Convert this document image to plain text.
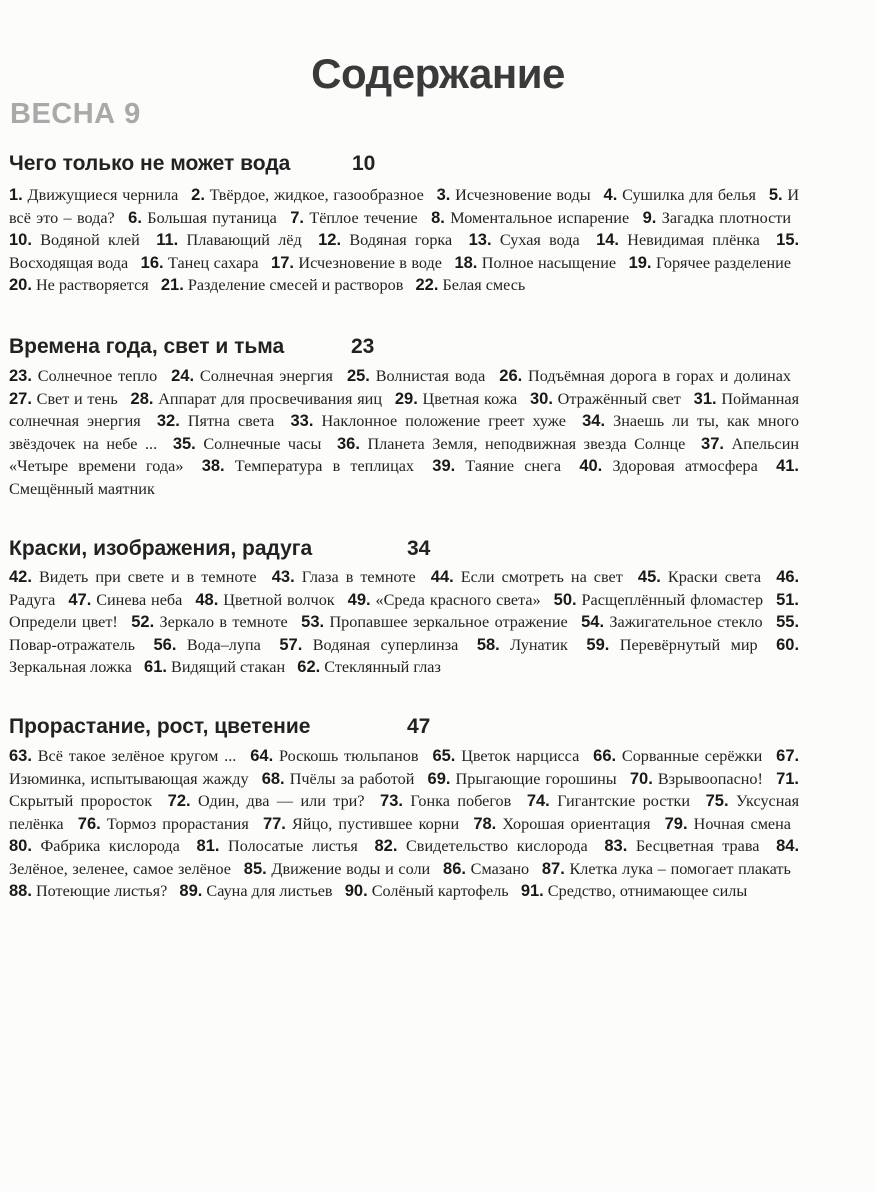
Содержание
ВЕСНА 9
Чего только не может вода	10
1. Движущиеся чернила  2. Твёрдое, жидкое, газообразное  3. Исчезновение воды  4. Сушилка для белья  5. И всё это – вода?  6. Большая путаница  7. Тёплое течение  8. Моментальное испарение  9. Загадка плотности  10. Водяной клей  11. Плавающий лёд  12. Водяная горка  13. Сухая вода  14. Невидимая плёнка  15. Восходящая вода  16. Танец сахара  17. Исчезновение в воде  18. Полное насыщение  19. Горячее разделение  20. Не растворяется  21. Разделение смесей и растворов  22. Белая смесь 
Времена года, свет и тьма	23
23. Солнечное тепло  24. Солнечная энергия  25. Волнистая вода  26. Подъёмная дорога в горах и долинах  27. Свет и тень  28. Аппарат для просвечивания яиц  29. Цветная кожа  30. Отражённый свет  31. Пойманная солнечная энергия  32. Пятна света  33. Наклонное положение греет хуже  34. Знаешь ли ты, как много звёздочек на небе ...  35. Солнечные часы  36. Планета Земля, неподвижная звезда Солнце  37. Апельсин «Четыре времени года»  38. Температура в теплицах  39. Таяние снега  40. Здоровая атмосфера  41. Смещённый маятник 
Краски, изображения, радуга	34
42. Видеть при свете и в темноте  43. Глаза в темноте  44. Если смотреть на свет  45. Краски света  46. Радуга  47. Синева неба  48. Цветной волчок  49. «Среда красного света»  50. Расщеплённый фломастер  51. Определи цвет!  52. Зеркало в темноте  53. Пропавшее зеркальное отражение  54. Зажигательное стекло  55. Повар-отражатель  56. Вода–лупа  57. Водяная суперлинза  58. Лунатик  59. Перевёрнутый мир  60. Зеркальная ложка  61. Видящий стакан  62. Стеклянный глаз 
Прорастание, рост, цветение	47
63. Всё такое зелёное кругом ...  64. Роскошь тюльпанов  65. Цветок нарцисса  66. Сорванные серёжки  67. Изюминка, испытывающая жажду  68. Пчёлы за работой  69. Прыгающие горошины  70. Взрывоопасно!  71. Скрытый проросток  72. Один, два — или три?  73. Гонка побегов  74. Гигантские ростки  75. Уксусная пелёнка  76. Тормоз прорастания  77. Яйцо, пустившее корни  78. Хорошая ориентация  79. Ночная смена  80. Фабрика кислорода  81. Полосатые листья  82. Свидетельство кислорода  83. Бесцветная трава  84. Зелёное, зеленее, самое зелёное  85. Движение воды и соли  86. Смазано  87. Клетка лука – помогает плакать  88. Потеющие листья?  89. Сауна для листьев  90. Солёный картофель  91. Средство, отнимающее силы 
